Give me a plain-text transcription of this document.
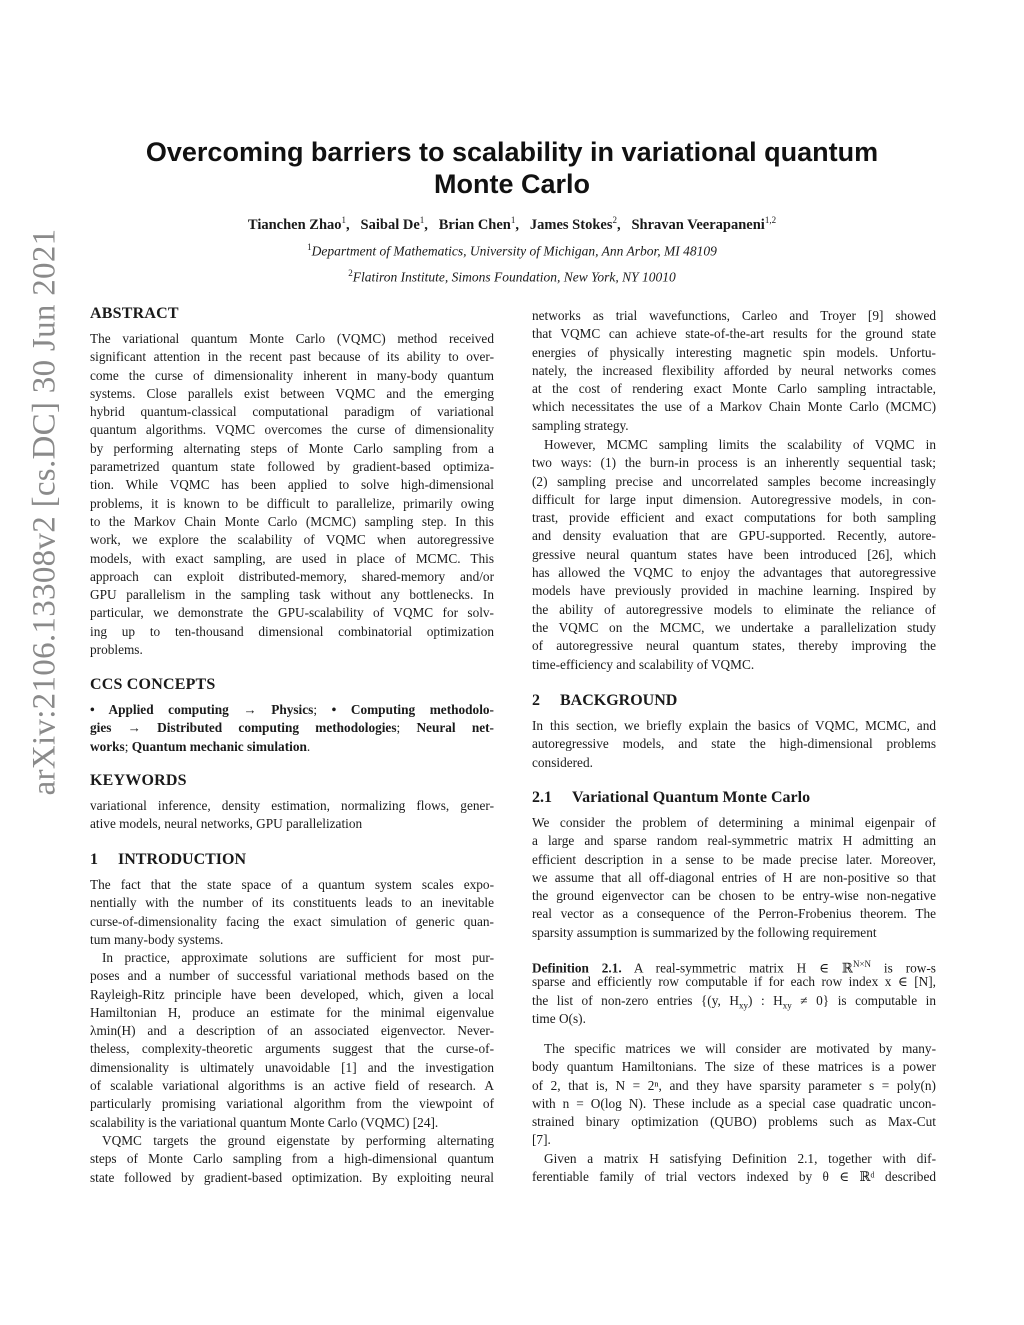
arXiv:2106.13308v2 [cs.DC] 30 Jun 2021
Overcoming barriers to scalability in variational quantum
Monte Carlo
Tianchen Zhao$^1$,   Saibal De$^1$,   Brian Chen$^1$,   James Stokes$^2$,   Shravan Veerapaneni$^{1,2}$
$^1$Department of Mathematics, University of Michigan, Ann Arbor, MI 48109
$^2$Flatiron Institute, Simons Foundation, New York, NY 10010
ABSTRACT
The variational quantum Monte Carlo (VQMC) method received
significant attention in the recent past because of its ability to over-
come the curse of dimensionality inherent in many-body quantum
systems. Close parallels exist between VQMC and the emerging
hybrid quantum-classical computational paradigm of variational
quantum algorithms. VQMC overcomes the curse of dimensionality
by performing alternating steps of Monte Carlo sampling from a
parametrized quantum state followed by gradient-based optimiza-
tion. While VQMC has been applied to solve high-dimensional
problems, it is known to be difficult to parallelize, primarily owing
to the Markov Chain Monte Carlo (MCMC) sampling step. In this
work, we explore the scalability of VQMC when autoregressive
models, with exact sampling, are used in place of MCMC. This
approach can exploit distributed-memory, shared-memory and/or
GPU parallelism in the sampling task without any bottlenecks. In
particular, we demonstrate the GPU-scalability of VQMC for solv-
ing up to ten-thousand dimensional combinatorial optimization
problems.
CCS CONCEPTS
• Applied computing → Physics; • Computing methodolo-
gies → Distributed computing methodologies; Neural net-
works; Quantum mechanic simulation.
KEYWORDS
variational inference, density estimation, normalizing flows, gener-
ative models, neural networks, GPU parallelization
1 INTRODUCTION
The fact that the state space of a quantum system scales expo-
nentially with the number of its constituents leads to an inevitable
curse-of-dimensionality facing the exact simulation of generic quan-
tum many-body systems.
In practice, approximate solutions are sufficient for most pur-
poses and a number of successful variational methods based on the
Rayleigh-Ritz principle have been developed, which, given a local
Hamiltonian H, produce an estimate for the minimal eigenvalue
λmin(H) and a description of an associated eigenvector. Never-
theless, complexity-theoretic arguments suggest that the curse-of-
dimensionality is ultimately unavoidable [1] and the investigation
of scalable variational algorithms is an active field of research. A
particularly promising variational algorithm from the viewpoint of
scalability is the variational quantum Monte Carlo (VQMC) [24].
VQMC targets the ground eigenstate by performing alternating
steps of Monte Carlo sampling from a high-dimensional quantum
state followed by gradient-based optimization. By exploiting neural
networks as trial wavefunctions, Carleo and Troyer [9] showed
that VQMC can achieve state-of-the-art results for the ground state
energies of physically interesting magnetic spin models. Unfortu-
nately, the increased flexibility afforded by neural networks comes
at the cost of rendering exact Monte Carlo sampling intractable,
which necessitates the use of a Markov Chain Monte Carlo (MCMC)
sampling strategy.
However, MCMC sampling limits the scalability of VQMC in
two ways: (1) the burn-in process is an inherently sequential task;
(2) sampling precise and uncorrelated samples become increasingly
difficult for large input dimension. Autoregressive models, in con-
trast, provide efficient and exact computations for both sampling
and density evaluation that are GPU-supported. Recently, autore-
gressive neural quantum states have been introduced [26], which
has allowed the VQMC to enjoy the advantages that autoregressive
models have previously provided in machine learning. Inspired by
the ability of autoregressive models to eliminate the reliance of
the VQMC on the MCMC, we undertake a parallelization study
of autoregressive neural quantum states, thereby improving the
time-efficiency and scalability of VQMC.
2 BACKGROUND
In this section, we briefly explain the basics of VQMC, MCMC, and
autoregressive models, and state the high-dimensional problems
considered.
2.1 Variational Quantum Monte Carlo
We consider the problem of determining a minimal eigenpair of
a large and sparse random real-symmetric matrix H admitting an
efficient description in a sense to be made precise later. Moreover,
we assume that all off-diagonal entries of H are non-positive so that
the ground eigenvector can be chosen to be entry-wise non-negative
real vector as a consequence of the Perron-Frobenius theorem. The
sparsity assumption is summarized by the following requirement
Definition 2.1. A real-symmetric matrix H ∈ ℝ$^{N\times N}$ is row-s
sparse and efficiently row computable if for each row index x ∈ [N],
the list of non-zero entries {(y, $H_{xy}$) : $H_{xy} \ne 0$} is computable in
time O(s).
The specific matrices we will consider are motivated by many-
body quantum Hamiltonians. The size of these matrices is a power
of 2, that is, N = 2ⁿ, and they have sparsity parameter s = poly(n)
with n = O(log N). These include as a special case quadratic uncon-
strained binary optimization (QUBO) problems such as Max-Cut
[7].
Given a matrix H satisfying Definition 2.1, together with dif-
ferentiable family of trial vectors indexed by θ ∈ ℝᵈ described
